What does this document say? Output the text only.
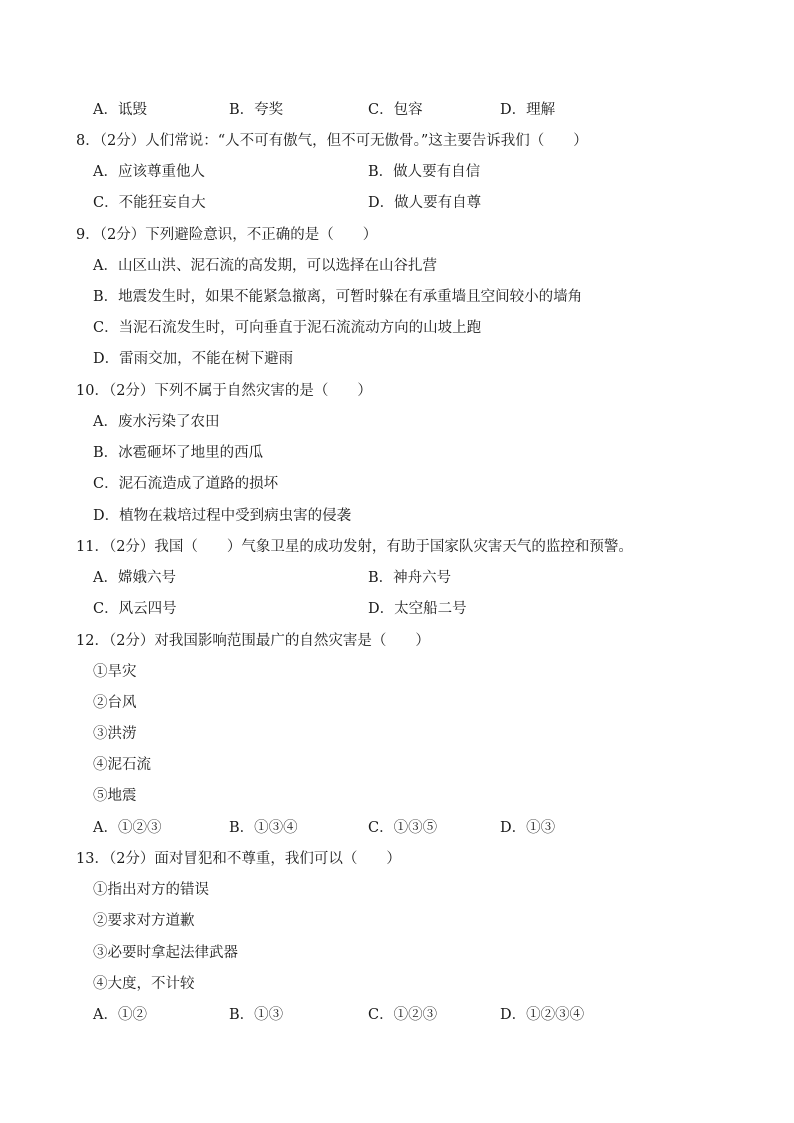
A．诋毁	B．夸奖	C．包容	D．理解
8．（2分）人们常说：“人不可有傲气，但不可无傲骨。”这主要告诉我们（　　）
A．应该尊重他人	B．做人要有自信
C．不能狂妄自大	D．做人要有自尊
9．（2分）下列避险意识，不正确的是（　　）
A．山区山洪、泥石流的高发期，可以选择在山谷扎营
B．地震发生时，如果不能紧急撤离，可暂时躲在有承重墙且空间较小的墙角
C．当泥石流发生时，可向垂直于泥石流流动方向的山坡上跑
D．雷雨交加，不能在树下避雨
10．（2分）下列不属于自然灾害的是（　　）
A．废水污染了农田
B．冰雹砸坏了地里的西瓜
C．泥石流造成了道路的损坏
D．植物在栽培过程中受到病虫害的侵袭
11．（2分）我国（　　）气象卫星的成功发射，有助于国家队灾害天气的监控和预警。
A．嫦娥六号	B．神舟六号
C．风云四号	D．太空船二号
12．（2分）对我国影响范围最广的自然灾害是（　　）
①旱灾
②台风
③洪涝
④泥石流
⑤地震
A．①②③	B．①③④	C．①③⑤	D．①③
13．（2分）面对冒犯和不尊重，我们可以（　　）
①指出对方的错误
②要求对方道歉
③必要时拿起法律武器
④大度，不计较
A．①②	B．①③	C．①②③	D．①②③④
